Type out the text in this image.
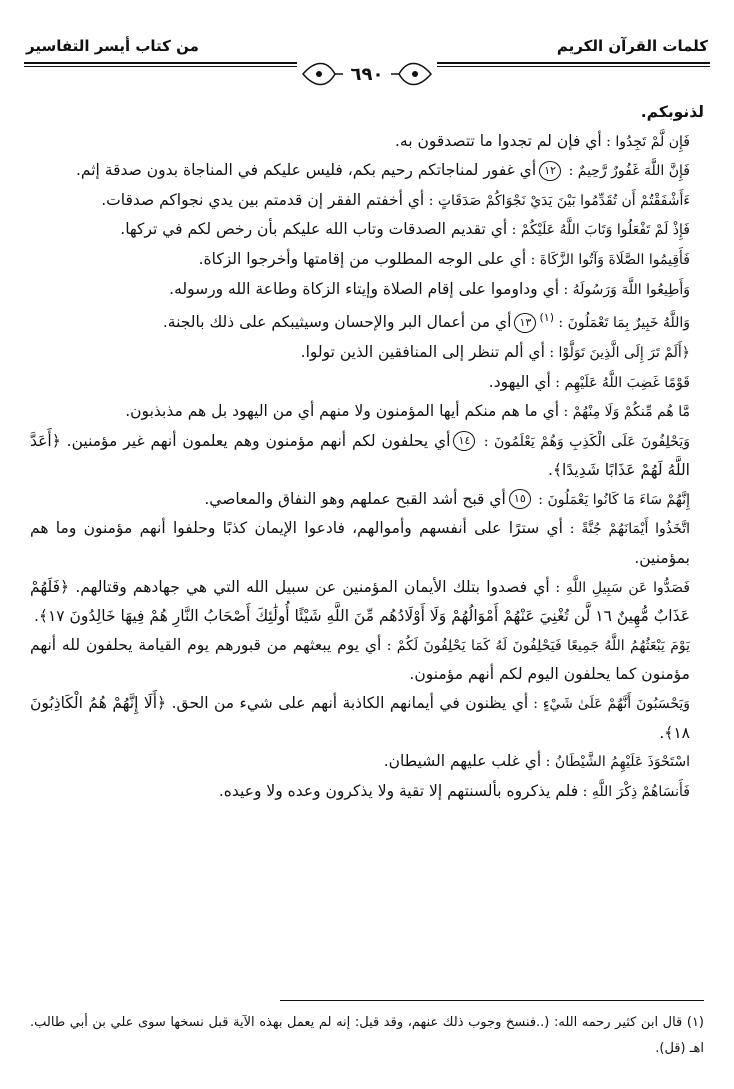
كلمات القرآن الكريم
من كتاب أيسر التفاسير
٦٩٠

لذنوبكم.

فَإِن لَّمْ تَجِدُوا : أي فإن لم تجدوا ما تتصدقون به.

فَإِنَّ اللَّهَ غَفُورٌ رَّحِيمٌ : ١٢أي غفور لمناجاتكم رحيم بكم، فليس عليكم في المناجاة بدون صدقة إثم.

ءَأَشْفَقْتُمْ أَن تُقَدِّمُوا بَيْنَ يَدَيْ نَجْوَاكُمْ صَدَقَاتٍ : أي أخفتم الفقر إن قدمتم بين يدي نجواكم صدقات.

فَإِذْ لَمْ تَفْعَلُوا وَتَابَ اللَّهُ عَلَيْكُمْ : أي تقديم الصدقات وتاب الله عليكم بأن رخص لكم في تركها.

فَأَقِيمُوا الصَّلَاةَ وَآتُوا الزَّكَاةَ : أي على الوجه المطلوب من إقامتها وأخرجوا الزكاة.

وَأَطِيعُوا اللَّهَ وَرَسُولَهُ : أي وداوموا على إقام الصلاة وإيتاء الزكاة وطاعة الله ورسوله.

وَاللَّهُ خَبِيرٌ بِمَا تَعْمَلُونَ : $^{(١)}$١٣أي من أعمال البر والإحسان وسيثيبكم على ذلك بالجنة.

﴿أَلَمْ تَرَ إِلَى الَّذِينَ تَوَلَّوْا : أي ألم تنظر إلى المنافقين الذين تولوا.

قَوْمًا غَضِبَ اللَّهُ عَلَيْهِم : أي اليهود.

مَّا هُم مِّنكُمْ وَلَا مِنْهُمْ : أي ما هم منكم أيها المؤمنون ولا منهم أي من اليهود بل هم مذبذبون.

وَيَحْلِفُونَ عَلَى الْكَذِبِ وَهُمْ يَعْلَمُونَ : ١٤أي يحلفون لكم أنهم مؤمنون وهم يعلمون أنهم غير مؤمنين. ﴿أَعَدَّ اللَّهُ لَهُمْ عَذَابًا شَدِيدًا﴾.

إِنَّهُمْ سَاءَ مَا كَانُوا يَعْمَلُونَ : ١٥أي قبح أشد القبح عملهم وهو النفاق والمعاصي.

اتَّخَذُوا أَيْمَانَهُمْ جُنَّةً : أي سترًا على أنفسهم وأموالهم، فادعوا الإيمان كذبًا وحلفوا أنهم مؤمنون وما هم بمؤمنين.

فَصَدُّوا عَن سَبِيلِ اللَّهِ : أي فصدوا بتلك الأيمان المؤمنين عن سبيل الله التي هي جهادهم وقتالهم. ﴿فَلَهُمْ عَذَابٌ مُّهِينٌ ١٦ لَّن تُغْنِيَ عَنْهُمْ أَمْوَالُهُمْ وَلَا أَوْلَادُهُم مِّنَ اللَّهِ شَيْئًا أُولَٰئِكَ أَصْحَابُ النَّارِ هُمْ فِيهَا خَالِدُونَ ١٧﴾.

يَوْمَ يَبْعَثُهُمُ اللَّهُ جَمِيعًا فَيَحْلِفُونَ لَهُ كَمَا يَحْلِفُونَ لَكُمْ : أي يوم يبعثهم من قبورهم يوم القيامة يحلفون لله أنهم مؤمنون كما يحلفون اليوم لكم أنهم مؤمنون.

وَيَحْسَبُونَ أَنَّهُمْ عَلَىٰ شَيْءٍ : أي يظنون في أيمانهم الكاذبة أنهم على شيء من الحق. ﴿أَلَا إِنَّهُمْ هُمُ الْكَاذِبُونَ ١٨﴾.

اسْتَحْوَذَ عَلَيْهِمُ الشَّيْطَانُ : أي غلب عليهم الشيطان.

فَأَنسَاهُمْ ذِكْرَ اللَّهِ : فلم يذكروه بألسنتهم إلا تقية ولا يذكرون وعده ولا وعيده.

(١) قال ابن كثير رحمه الله: (..فنسخ وجوب ذلك عنهم، وقد قيل: إنه لم يعمل بهذه الآية قبل نسخها سوى علي بن أبي طالب. اهـ (قل).
